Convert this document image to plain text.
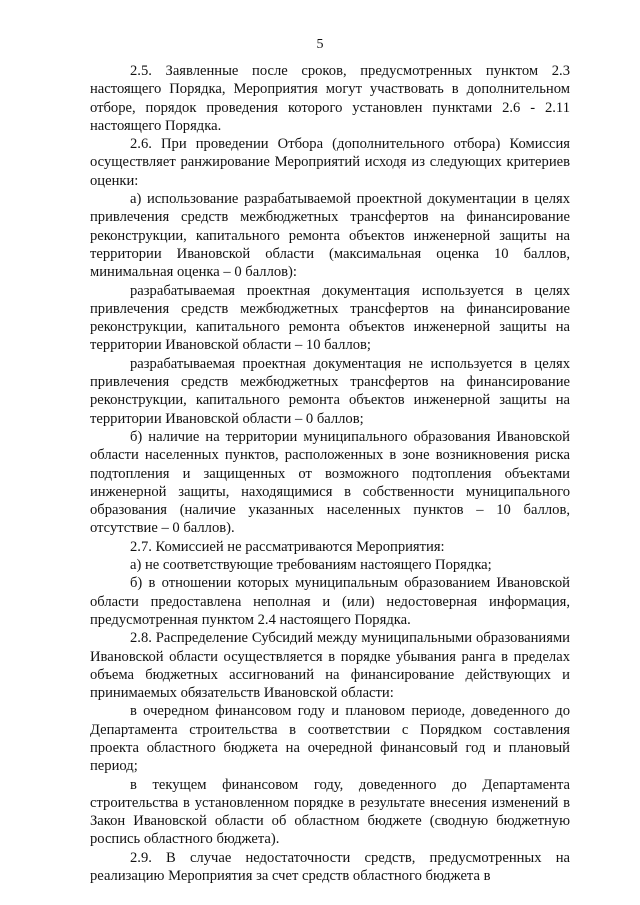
5

2.5. Заявленные после сроков, предусмотренных пунктом 2.3 настоящего Порядка, Мероприятия могут участвовать в дополнительном отборе, порядок проведения которого установлен пунктами 2.6 - 2.11 настоящего Порядка.

2.6. При проведении Отбора (дополнительного отбора) Комиссия осуществляет ранжирование Мероприятий исходя из следующих критериев оценки:

а) использование разрабатываемой проектной документации в целях привлечения средств межбюджетных трансфертов на финансирование реконструкции, капитального ремонта объектов инженерной защиты на территории Ивановской области (максимальная оценка 10 баллов, минимальная оценка – 0 баллов):

разрабатываемая проектная документация используется в целях привлечения средств межбюджетных трансфертов на финансирование реконструкции, капитального ремонта объектов инженерной защиты на территории Ивановской области – 10 баллов;

разрабатываемая проектная документация не используется в целях привлечения средств межбюджетных трансфертов на финансирование реконструкции, капитального ремонта объектов инженерной защиты на территории Ивановской области – 0 баллов;

б) наличие на территории муниципального образования Ивановской области населенных пунктов, расположенных в зоне возникновения риска подтопления и защищенных от возможного подтопления объектами инженерной защиты, находящимися в собственности муниципального образования (наличие указанных населенных пунктов – 10 баллов, отсутствие – 0 баллов).

2.7. Комиссией не рассматриваются Мероприятия:

а) не соответствующие требованиям настоящего Порядка;

б) в отношении которых муниципальным образованием Ивановской области предоставлена неполная и (или) недостоверная информация, предусмотренная пунктом 2.4 настоящего Порядка.

2.8. Распределение Субсидий между муниципальными образованиями Ивановской области осуществляется в порядке убывания ранга в пределах объема бюджетных ассигнований на финансирование действующих и принимаемых обязательств Ивановской области:

в очередном финансовом году и плановом периоде, доведенного до Департамента строительства в соответствии с Порядком составления проекта областного бюджета на очередной финансовый год и плановый период;

в текущем финансовом году, доведенного до Департамента строительства в установленном порядке в результате внесения изменений в Закон Ивановской области об областном бюджете (сводную бюджетную роспись областного бюджета).

2.9. В случае недостаточности средств, предусмотренных на реализацию Мероприятия за счет средств областного бюджета в
